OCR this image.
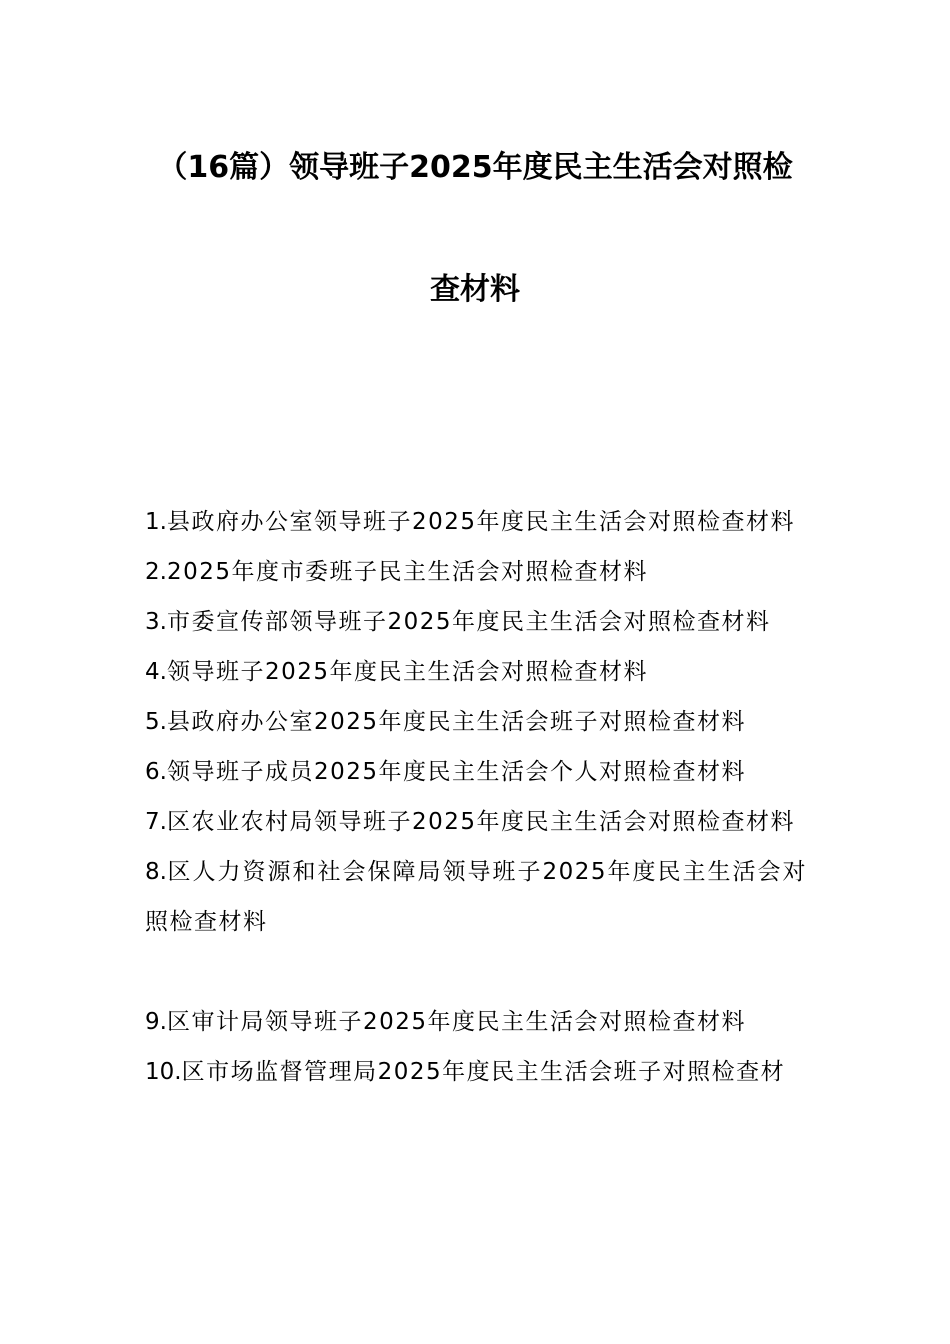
（16篇）领导班子2025年度民主生活会对照检
查材料
1.县政府办公室领导班子2025年度民主生活会对照检查材料
2.2025年度市委班子民主生活会对照检查材料
3.市委宣传部领导班子2025年度民主生活会对照检查材料
4.领导班子2025年度民主生活会对照检查材料
5.县政府办公室2025年度民主生活会班子对照检查材料
6.领导班子成员2025年度民主生活会个人对照检查材料
7.区农业农村局领导班子2025年度民主生活会对照检查材料
8.区人力资源和社会保障局领导班子2025年度民主生活会对照检查材料
9.区审计局领导班子2025年度民主生活会对照检查材料
10.区市场监督管理局2025年度民主生活会班子对照检查材
